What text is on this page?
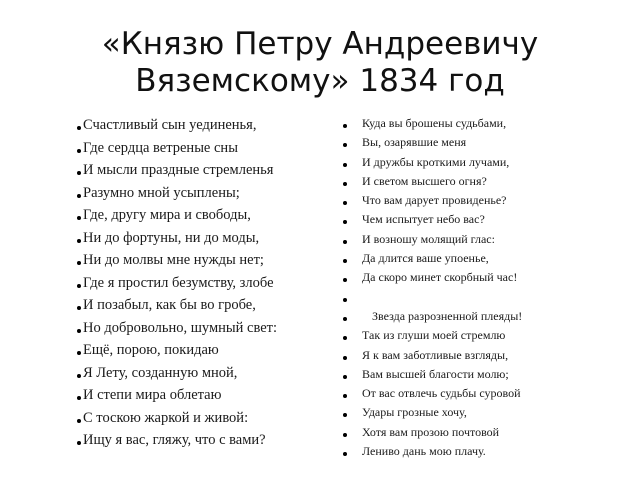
«Князю Петру Андреевичу
Вяземскому» 1834 год
Счастливый сын уединенья,
Где сердца ветреные сны
И мысли праздные стремленья
Разумно мной усыплены;
Где, другу мира и свободы,
Ни до фортуны, ни до моды,
Ни до молвы мне нужды нет;
Где я простил безумству, злобе
И позабыл, как бы во гробе,
Но добровольно, шумный свет:
Ещё, порою, покидаю
Я Лету, созданную мной,
И степи мира облетаю
С тоскою жаркой и живой:
Ищу я вас, гляжу, что с вами?
Куда вы брошены судьбами,
Вы, озарявшие меня
И дружбы кроткими лучами,
И светом высшего огня?
Что вам дарует провиденье?
Чем испытует небо вас?
И возношу молящий глас:
Да длится ваше упоенье,
Да скоро минет скорбный час!
Звезда разрозненной плеяды!
Так из глуши моей стремлю
Я к вам заботливые взгляды,
Вам высшей благости молю;
От вас отвлечь судьбы суровой
Удары грозные хочу,
Хотя вам прозою почтовой
Лениво дань мою плачу.
